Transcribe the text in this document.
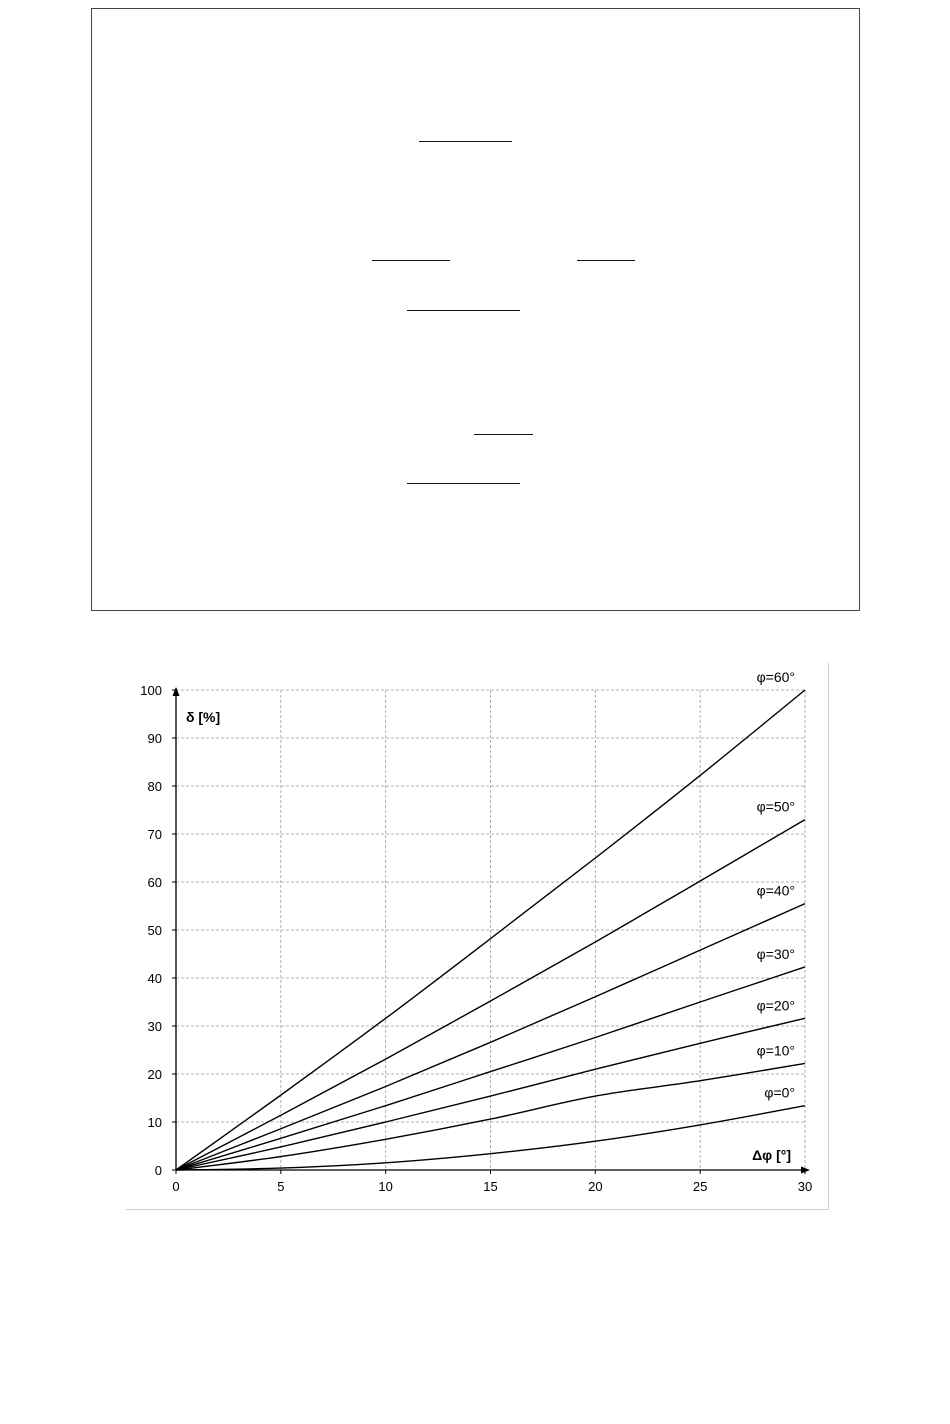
0	5	10	15	20	25	30
0
10
20
30
40
50
60
70
80
90
100
δ [%]
Δφ [°]
φ=0°
φ=10°
φ=20°
φ=30°
φ=40°
φ=50°
φ=60°
